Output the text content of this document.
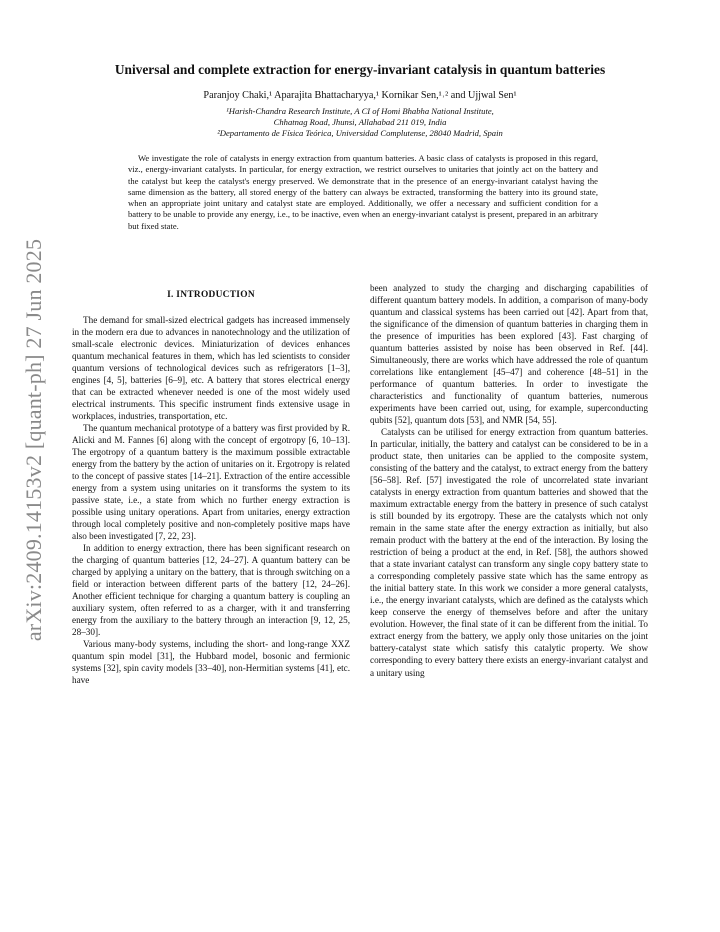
arXiv:2409.14153v2 [quant-ph] 27 Jun 2025
Universal and complete extraction for energy-invariant catalysis in quantum batteries
Paranjoy Chaki,¹ Aparajita Bhattacharyya,¹ Kornikar Sen,¹˒² and Ujjwal Sen¹
¹Harish-Chandra Research Institute, A CI of Homi Bhabha National Institute,
Chhatnag Road, Jhunsi, Allahabad 211 019, India
²Departamento de Física Teórica, Universidad Complutense, 28040 Madrid, Spain

We investigate the role of catalysts in energy extraction from quantum batteries. A basic class of catalysts is proposed in this regard, viz., energy-invariant catalysts. In particular, for energy extraction, we restrict ourselves to unitaries that jointly act on the battery and the catalyst but keep the catalyst's energy preserved. We demonstrate that in the presence of an energy-invariant catalyst having the same dimension as the battery, all stored energy of the battery can always be extracted, transforming the battery into its ground state, when an appropriate joint unitary and catalyst state are employed. Additionally, we offer a necessary and sufficient condition for a battery to be unable to provide any energy, i.e., to be inactive, even when an energy-invariant catalyst is present, prepared in an arbitrary but fixed state.

I. INTRODUCTION

The demand for small-sized electrical gadgets has increased immensely in the modern era due to advances in nanotechnology and the utilization of small-scale electronic devices. Miniaturization of devices enhances quantum mechanical features in them, which has led scientists to consider quantum versions of technological devices such as refrigerators [1–3], engines [4, 5], batteries [6–9], etc. A battery that stores electrical energy that can be extracted whenever needed is one of the most widely used electrical instruments. This specific instrument finds extensive usage in workplaces, industries, transportation, etc.

The quantum mechanical prototype of a battery was first provided by R. Alicki and M. Fannes [6] along with the concept of ergotropy [6, 10–13]. The ergotropy of a quantum battery is the maximum possible extractable energy from the battery by the action of unitaries on it. Ergotropy is related to the concept of passive states [14–21]. Extraction of the entire accessible energy from a system using unitaries on it transforms the system to its passive state, i.e., a state from which no further energy extraction is possible using unitary operations. Apart from unitaries, energy extraction through local completely positive and non-completely positive maps have also been investigated [7, 22, 23].

In addition to energy extraction, there has been significant research on the charging of quantum batteries [12, 24–27]. A quantum battery can be charged by applying a unitary on the battery, that is through switching on a field or interaction between different parts of the battery [12, 24–26]. Another efficient technique for charging a quantum battery is coupling an auxiliary system, often referred to as a charger, with it and transferring energy from the auxiliary to the battery through an interaction [9, 12, 25, 28–30].

Various many-body systems, including the short- and long-range XXZ quantum spin model [31], the Hubbard model, bosonic and fermionic systems [32], spin cavity models [33–40], non-Hermitian systems [41], etc. have

been analyzed to study the charging and discharging capabilities of different quantum battery models. In addition, a comparison of many-body quantum and classical systems has been carried out [42]. Apart from that, the significance of the dimension of quantum batteries in charging them in the presence of impurities has been explored [43]. Fast charging of quantum batteries assisted by noise has been observed in Ref. [44]. Simultaneously, there are works which have addressed the role of quantum correlations like entanglement [45–47] and coherence [48–51] in the performance of quantum batteries. In order to investigate the characteristics and functionality of quantum batteries, numerous experiments have been carried out, using, for example, superconducting qubits [52], quantum dots [53], and NMR [54, 55].

Catalysts can be utilised for energy extraction from quantum batteries. In particular, initially, the battery and catalyst can be considered to be in a product state, then unitaries can be applied to the composite system, consisting of the battery and the catalyst, to extract energy from the battery [56–58]. Ref. [57] investigated the role of uncorrelated state invariant catalysts in energy extraction from quantum batteries and showed that the maximum extractable energy from the battery in presence of such catalyst is still bounded by its ergotropy. These are the catalysts which not only remain in the same state after the energy extraction as initially, but also remain product with the battery at the end of the interaction. By losing the restriction of being a product at the end, in Ref. [58], the authors showed that a state invariant catalyst can transform any single copy battery state to a corresponding completely passive state which has the same entropy as the initial battery state. In this work we consider a more general catalysts, i.e., the energy invariant catalysts, which are defined as the catalysts which keep conserve the energy of themselves before and after the unitary evolution. However, the final state of it can be different from the initial. To extract energy from the battery, we apply only those unitaries on the joint battery-catalyst state which satisfy this catalytic property. We show corresponding to every battery there exists an energy-invariant catalyst and a unitary using
